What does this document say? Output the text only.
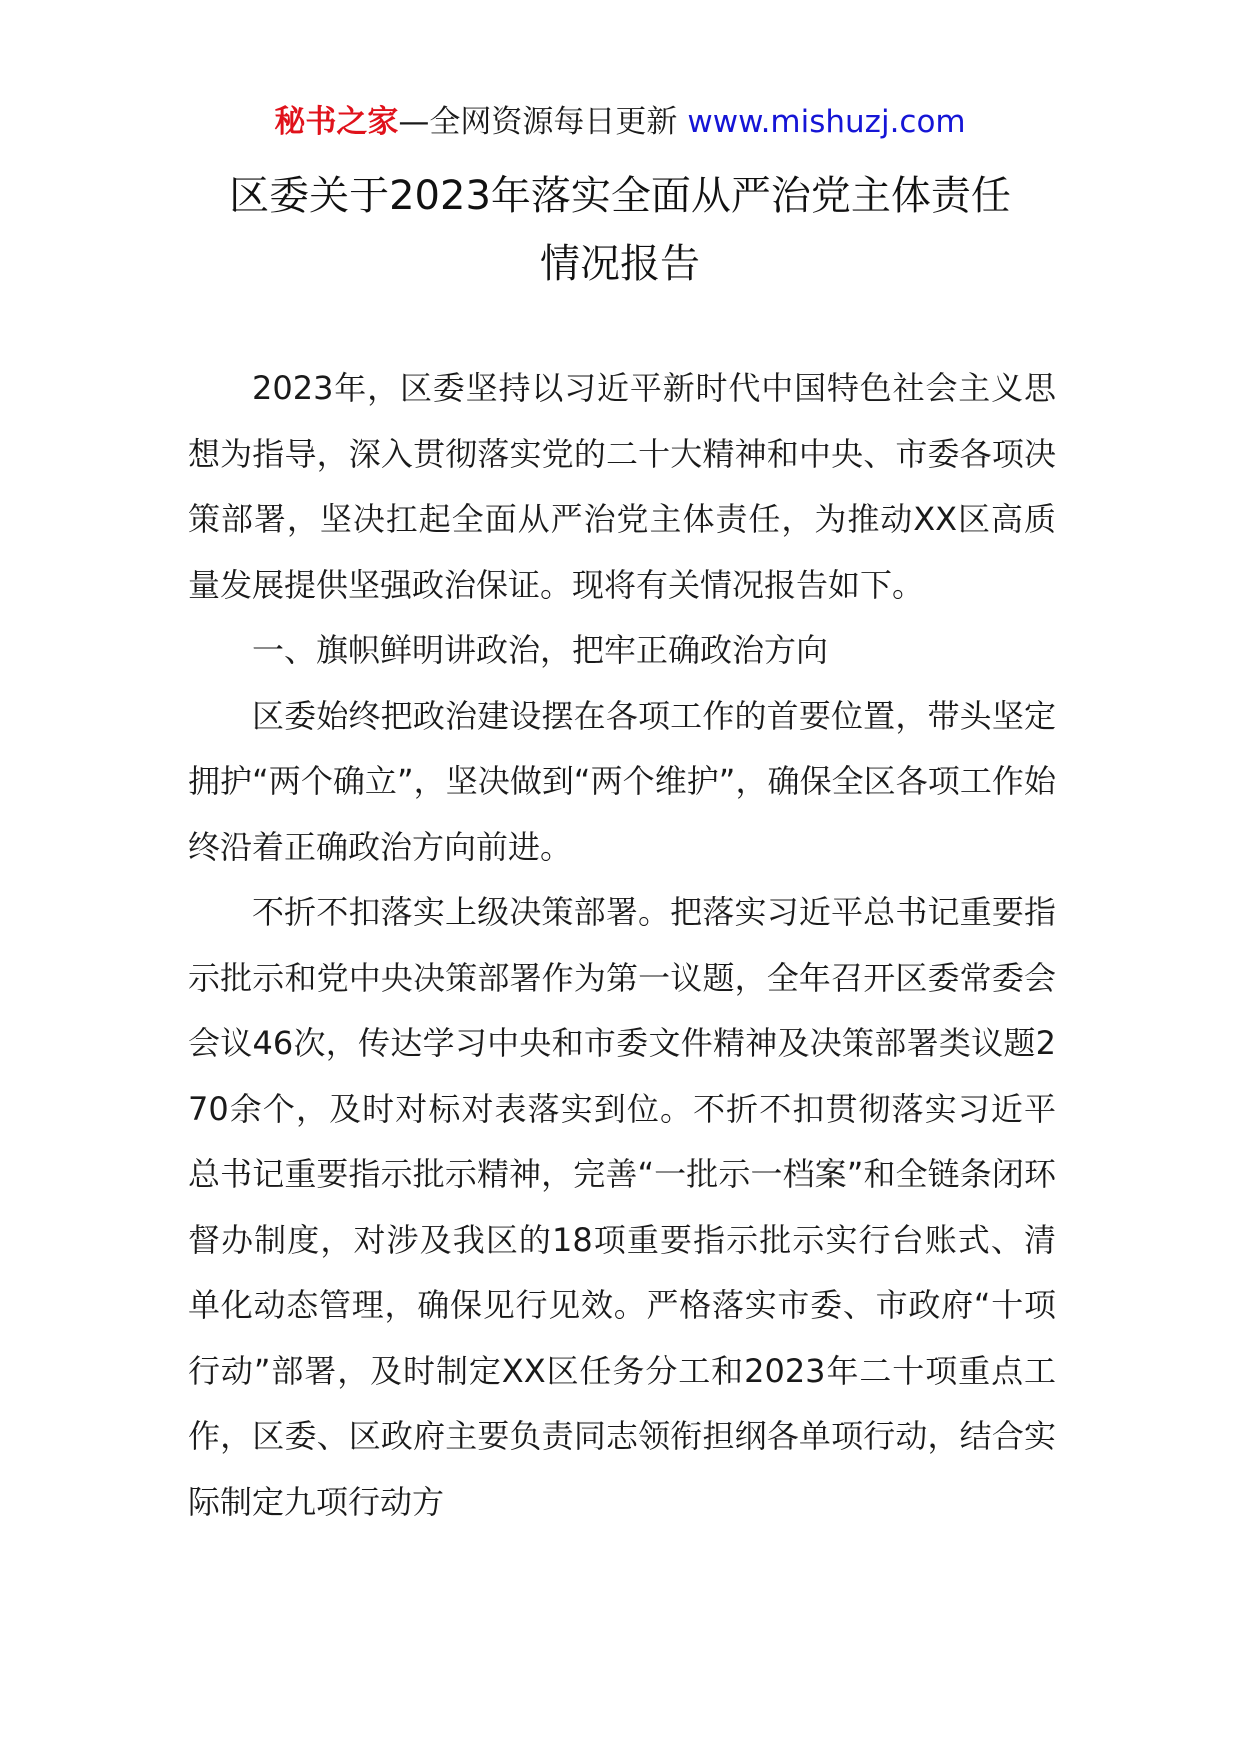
秘书之家—全网资源每日更新 www.mishuzj.com
区委关于2023年落实全面从严治党主体责任
情况报告

2023年，区委坚持以习近平新时代中国特色社会主义思想为指导，深入贯彻落实党的二十大精神和中央、市委各项决策部署，坚决扛起全面从严治党主体责任，为推动XX区高质量发展提供坚强政治保证。现将有关情况报告如下。

一、旗帜鲜明讲政治，把牢正确政治方向

区委始终把政治建设摆在各项工作的首要位置，带头坚定拥护“两个确立”，坚决做到“两个维护”，确保全区各项工作始终沿着正确政治方向前进。

不折不扣落实上级决策部署。把落实习近平总书记重要指示批示和党中央决策部署作为第一议题，全年召开区委常委会会议46次，传达学习中央和市委文件精神及决策部署类议题270余个，及时对标对表落实到位。不折不扣贯彻落实习近平总书记重要指示批示精神，完善“一批示一档案”和全链条闭环督办制度，对涉及我区的18项重要指示批示实行台账式、清单化动态管理，确保见行见效。严格落实市委、市政府“十项行动”部署，及时制定XX区任务分工和2023年二十项重点工作，区委、区政府主要负责同志领衔担纲各单项行动，结合实际制定九项行动方
